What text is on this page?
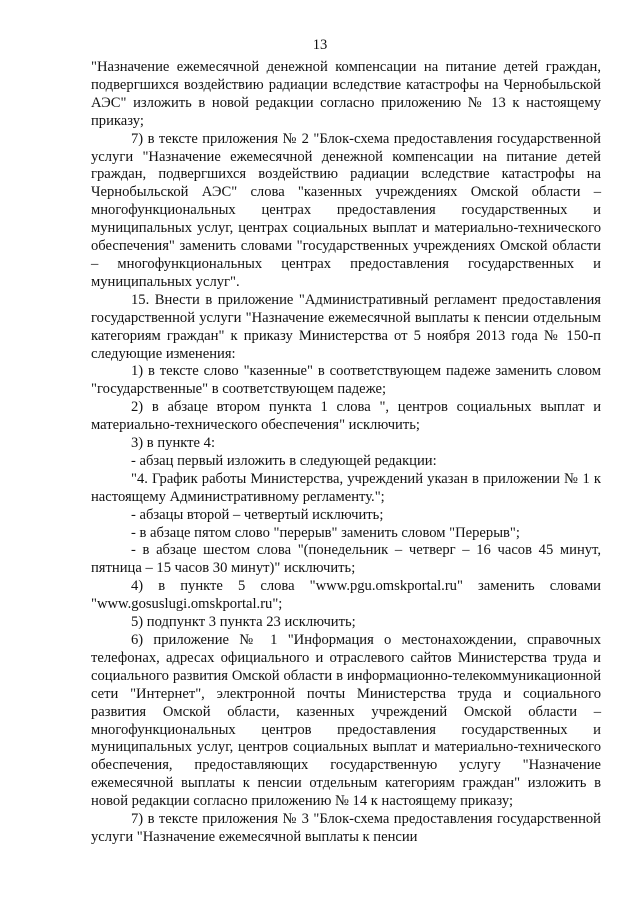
13

"Назначение ежемесячной денежной компенсации на питание детей граждан, подвергшихся воздействию радиации вследствие катастрофы на Чернобыльской АЭС" изложить в новой редакции согласно приложению № 13 к настоящему приказу;

7) в тексте приложения № 2 "Блок-схема предоставления государственной услуги "Назначение ежемесячной денежной компенсации на питание детей граждан, подвергшихся воздействию радиации вследствие катастрофы на Чернобыльской АЭС" слова "казенных учреждениях Омской области – многофункциональных центрах предоставления государственных и муниципальных услуг, центрах социальных выплат и материально-технического обеспечения" заменить словами "государственных учреждениях Омской области – многофункциональных центрах предоставления государственных и муниципальных услуг".

15. Внести в приложение "Административный регламент предоставления государственной услуги "Назначение ежемесячной выплаты к пенсии отдельным категориям граждан" к приказу Министерства от 5 ноября 2013 года № 150-п следующие изменения:

1) в тексте слово "казенные" в соответствующем падеже заменить словом "государственные" в соответствующем падеже;

2) в абзаце втором пункта 1 слова ", центров социальных выплат и материально-технического обеспечения" исключить;

3) в пункте 4:

- абзац первый изложить в следующей редакции:

"4. График работы Министерства, учреждений указан в приложении № 1 к настоящему Административному регламенту.";

- абзацы второй – четвертый исключить;

- в абзаце пятом слово "перерыв" заменить словом "Перерыв";

- в абзаце шестом слова "(понедельник – четверг – 16 часов 45 минут, пятница – 15 часов 30 минут)" исключить;

4) в пункте 5 слова "www.pgu.omskportal.ru" заменить словами "www.gosuslugi.omskportal.ru";

5) подпункт 3 пункта 23 исключить;

6) приложение № 1 "Информация о местонахождении, справочных телефонах, адресах официального и отраслевого сайтов Министерства труда и социального развития Омской области в информационно-телекоммуникационной сети "Интернет", электронной почты Министерства труда и социального развития Омской области, казенных учреждений Омской области – многофункциональных центров предоставления государственных и муниципальных услуг, центров социальных выплат и материально-технического обеспечения, предоставляющих государственную услугу "Назначение ежемесячной выплаты к пенсии отдельным категориям граждан" изложить в новой редакции согласно приложению № 14 к настоящему приказу;

7) в тексте приложения № 3 "Блок-схема предоставления государственной услуги "Назначение ежемесячной выплаты к пенсии
